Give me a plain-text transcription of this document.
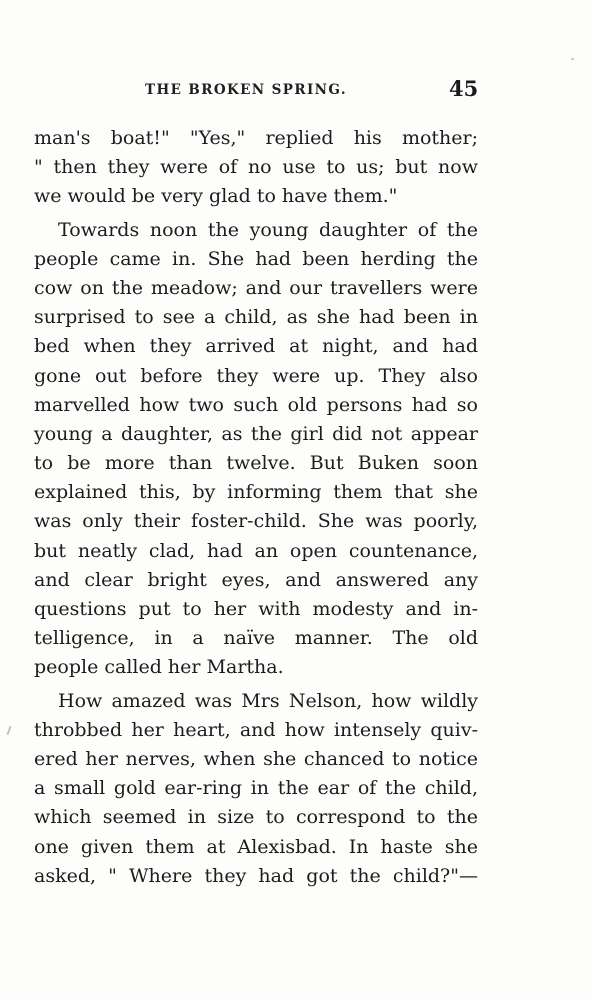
THE BROKEN SPRING.	45
man's boat!" "Yes," replied his mother;
" then they were of no use to us; but now
we would be very glad to have them."
Towards noon the young daughter of the
people came in. She had been herding the
cow on the meadow; and our travellers were
surprised to see a child, as she had been in
bed when they arrived at night, and had
gone out before they were up. They also
marvelled how two such old persons had so
young a daughter, as the girl did not appear
to be more than twelve. But Buken soon
explained this, by informing them that she
was only their foster-child. She was poorly,
but neatly clad, had an open countenance,
and clear bright eyes, and answered any
questions put to her with modesty and in-
telligence, in a naïve manner. The old
people called her Martha.
How amazed was Mrs Nelson, how wildly
throbbed her heart, and how intensely quiv-
ered her nerves, when she chanced to notice
a small gold ear-ring in the ear of the child,
which seemed in size to correspond to the
one given them at Alexisbad. In haste she
asked, " Where they had got the child?"—
